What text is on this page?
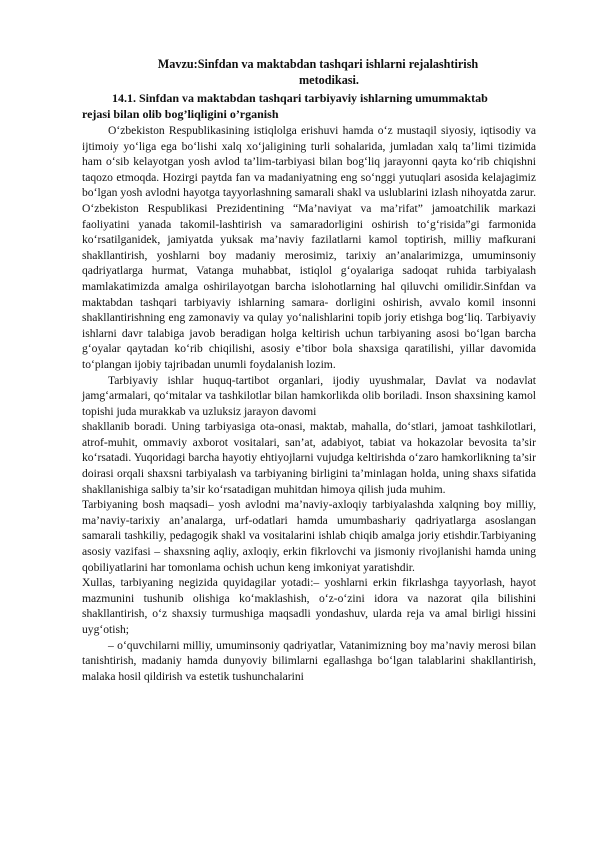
Mavzu:Sinfdan va maktabdan tashqari ishlarni rejalashtirish

metodikasi.

14.1. Sinfdan va maktabdan tashqari tarbiyaviy ishlarning umummaktab

rejasi bilan olib bog’liqligini o’rganish

O‘zbekiston Respublikasining istiqlolga erishuvi hamda o‘z mustaqil siyosiy, iqtisodiy va ijtimoiy yo‘liga ega bo‘lishi xalq xo‘jaligining turli sohalarida, jumladan xalq ta’limi tizimida ham o‘sib kelayotgan yosh avlod ta’lim-tarbiyasi bilan bog‘liq jarayonni qayta ko‘rib chiqishni taqozo etmoqda. Hozirgi paytda fan va madaniyatning eng so‘nggi yutuqlari asosida kelajagimiz bo‘lgan yosh avlodni hayotga tayyorlashning samarali shakl va uslublarini izlash nihoyatda zarur. O‘zbekiston Respublikasi Prezidentining “Ma’naviyat va ma’rifat” jamoatchilik markazi faoliyatini yanada takomil-lashtirish va samaradorligini oshirish to‘g‘risida”gi farmonida ko‘rsatilganidek, jamiyatda yuksak ma’naviy fazilatlarni kamol toptirish, milliy mafkurani shakllantirish, yoshlarni boy madaniy merosimiz, tarixiy an’analarimizga, umuminsoniy qadriyatlarga hurmat, Vatanga muhabbat, istiqlol g‘oyalariga sadoqat ruhida tarbiyalash mamlakatimizda amalga oshirilayotgan barcha islohotlarning hal qiluvchi omilidir.Sinfdan va maktabdan tashqari tarbiyaviy ishlarning samara- dorligini oshirish, avvalo komil insonni shakllantirishning eng zamonaviy va qulay yo‘nalishlarini topib joriy etishga bog‘liq. Tarbiyaviy ishlarni davr talabiga javob beradigan holga keltirish uchun tarbiyaning asosi bo‘lgan barcha g‘oyalar qaytadan ko‘rib chiqilishi, asosiy e’tibor bola shaxsiga qaratilishi, yillar davomida to‘plangan ijobiy tajribadan unumli foydalanish lozim.

Tarbiyaviy ishlar huquq-tartibot organlari, ijodiy uyushmalar, Davlat va nodavlat jamg‘armalari, qo‘mitalar va tashkilotlar bilan hamkorlikda olib boriladi. Inson shaxsining kamol topishi juda murakkab va uzluksiz jarayon davomi

shakllanib boradi. Uning tarbiyasiga ota-onasi, maktab, mahalla, do‘stlari, jamoat tashkilotlari, atrof-muhit, ommaviy axborot vositalari, san’at, adabiyot, tabiat va hokazolar bevosita ta’sir ko‘rsatadi. Yuqoridagi barcha hayotiy ehtiyojlarni vujudga keltirishda o‘zaro hamkorlikning ta’sir doirasi orqali shaxsni tarbiyalash va tarbiyaning birligini ta’minlagan holda, uning shaxs sifatida shakllanishiga salbiy ta’sir ko‘rsatadigan muhitdan himoya qilish juda muhim.

Tarbiyaning bosh maqsadi– yosh avlodni ma’naviy-axloqiy tarbiyalashda xalqning boy milliy, ma’naviy-tarixiy an’analarga, urf-odatlari hamda umumbashariy qadriyatlarga asoslangan samarali tashkiliy, pedagogik shakl va vositalarini ishlab chiqib amalga joriy etishdir.Tarbiyaning asosiy vazifasi – shaxsning aqliy, axloqiy, erkin fikrlovchi va jismoniy rivojlanishi hamda uning qobiliyatlarini har tomonlama ochish uchun keng imkoniyat yaratishdir.

Xullas, tarbiyaning negizida quyidagilar yotadi:– yoshlarni erkin fikrlashga tayyorlash, hayot mazmunini tushunib olishiga ko‘maklashish, o‘z-o‘zini idora va nazorat qila bilishini shakllantirish, o‘z shaxsiy turmushiga maqsadli yondashuv, ularda reja va amal birligi hissini uyg‘otish;

– o‘quvchilarni milliy, umuminsoniy qadriyatlar, Vatanimizning boy ma’naviy merosi bilan tanishtirish, madaniy hamda dunyoviy bilimlarni egallashga bo‘lgan talablarini shakllantirish, malaka hosil qildirish va estetik tushunchalarini
